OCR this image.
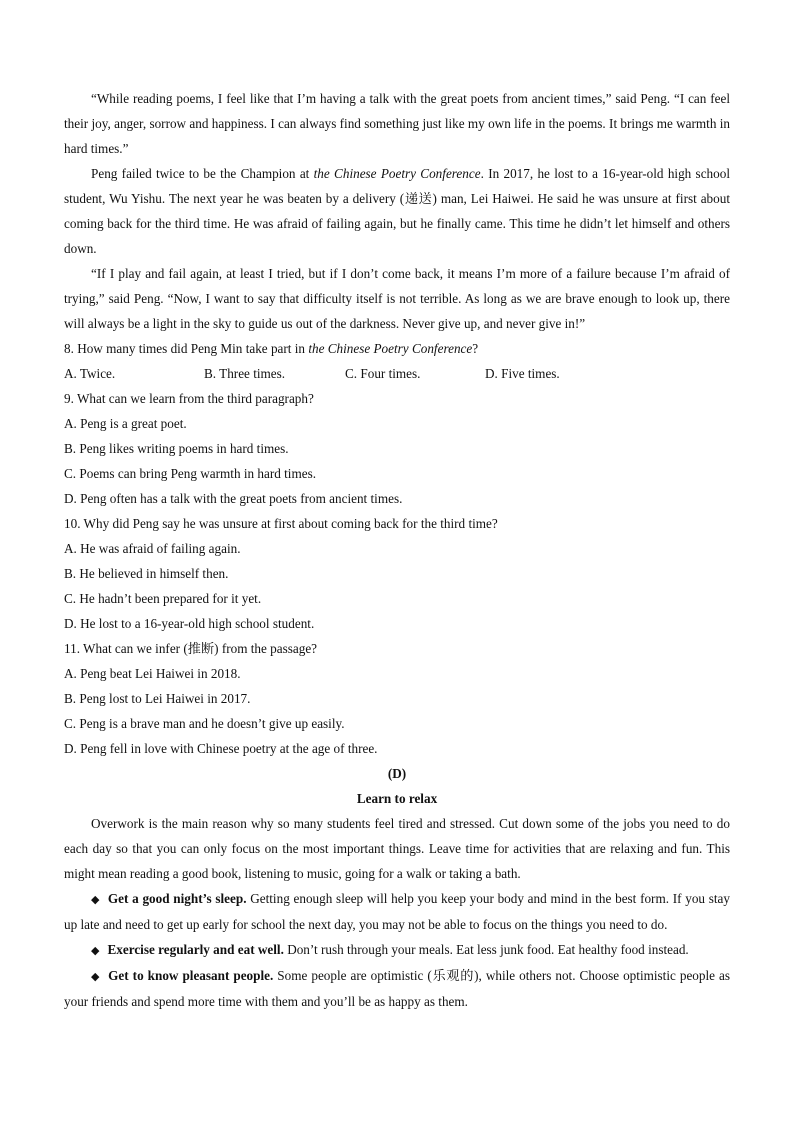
“While reading poems, I feel like that I’m having a talk with the great poets from ancient times,” said Peng. “I can feel their joy, anger, sorrow and happiness. I can always find something just like my own life in the poems. It brings me warmth in hard times.”

Peng failed twice to be the Champion at the Chinese Poetry Conference. In 2017, he lost to a 16-year-old high school student, Wu Yishu. The next year he was beaten by a delivery (递送) man, Lei Haiwei. He said he was unsure at first about coming back for the third time. He was afraid of failing again, but he finally came. This time he didn’t let himself and others down.

“If I play and fail again, at least I tried, but if I don’t come back, it means I’m more of a failure because I’m afraid of trying,” said Peng. “Now, I want to say that difficulty itself is not terrible. As long as we are brave enough to look up, there will always be a light in the sky to guide us out of the darkness. Never give up, and never give in!”

8. How many times did Peng Min take part in the Chinese Poetry Conference?

A. Twice.	B. Three times.	C. Four times.	D. Five times.

9. What can we learn from the third paragraph?

A. Peng is a great poet.

B. Peng likes writing poems in hard times.

C. Poems can bring Peng warmth in hard times.

D. Peng often has a talk with the great poets from ancient times.

10. Why did Peng say he was unsure at first about coming back for the third time?

A. He was afraid of failing again.

B. He believed in himself then.

C. He hadn’t been prepared for it yet.

D. He lost to a 16-year-old high school student.

11. What can we infer (推断) from the passage?

A. Peng beat Lei Haiwei in 2018.

B. Peng lost to Lei Haiwei in 2017.

C. Peng is a brave man and he doesn’t give up easily.

D. Peng fell in love with Chinese poetry at the age of three.

(D)

Learn to relax

Overwork is the main reason why so many students feel tired and stressed. Cut down some of the jobs you need to do each day so that you can only focus on the most important things. Leave time for activities that are relaxing and fun. This might mean reading a good book, listening to music, going for a walk or taking a bath.

◆ Get a good night’s sleep. Getting enough sleep will help you keep your body and mind in the best form. If you stay up late and need to get up early for school the next day, you may not be able to focus on the things you need to do.

◆ Exercise regularly and eat well. Don’t rush through your meals. Eat less junk food. Eat healthy food instead.

◆ Get to know pleasant people. Some people are optimistic (乐观的), while others not. Choose optimistic people as your friends and spend more time with them and you’ll be as happy as them.
